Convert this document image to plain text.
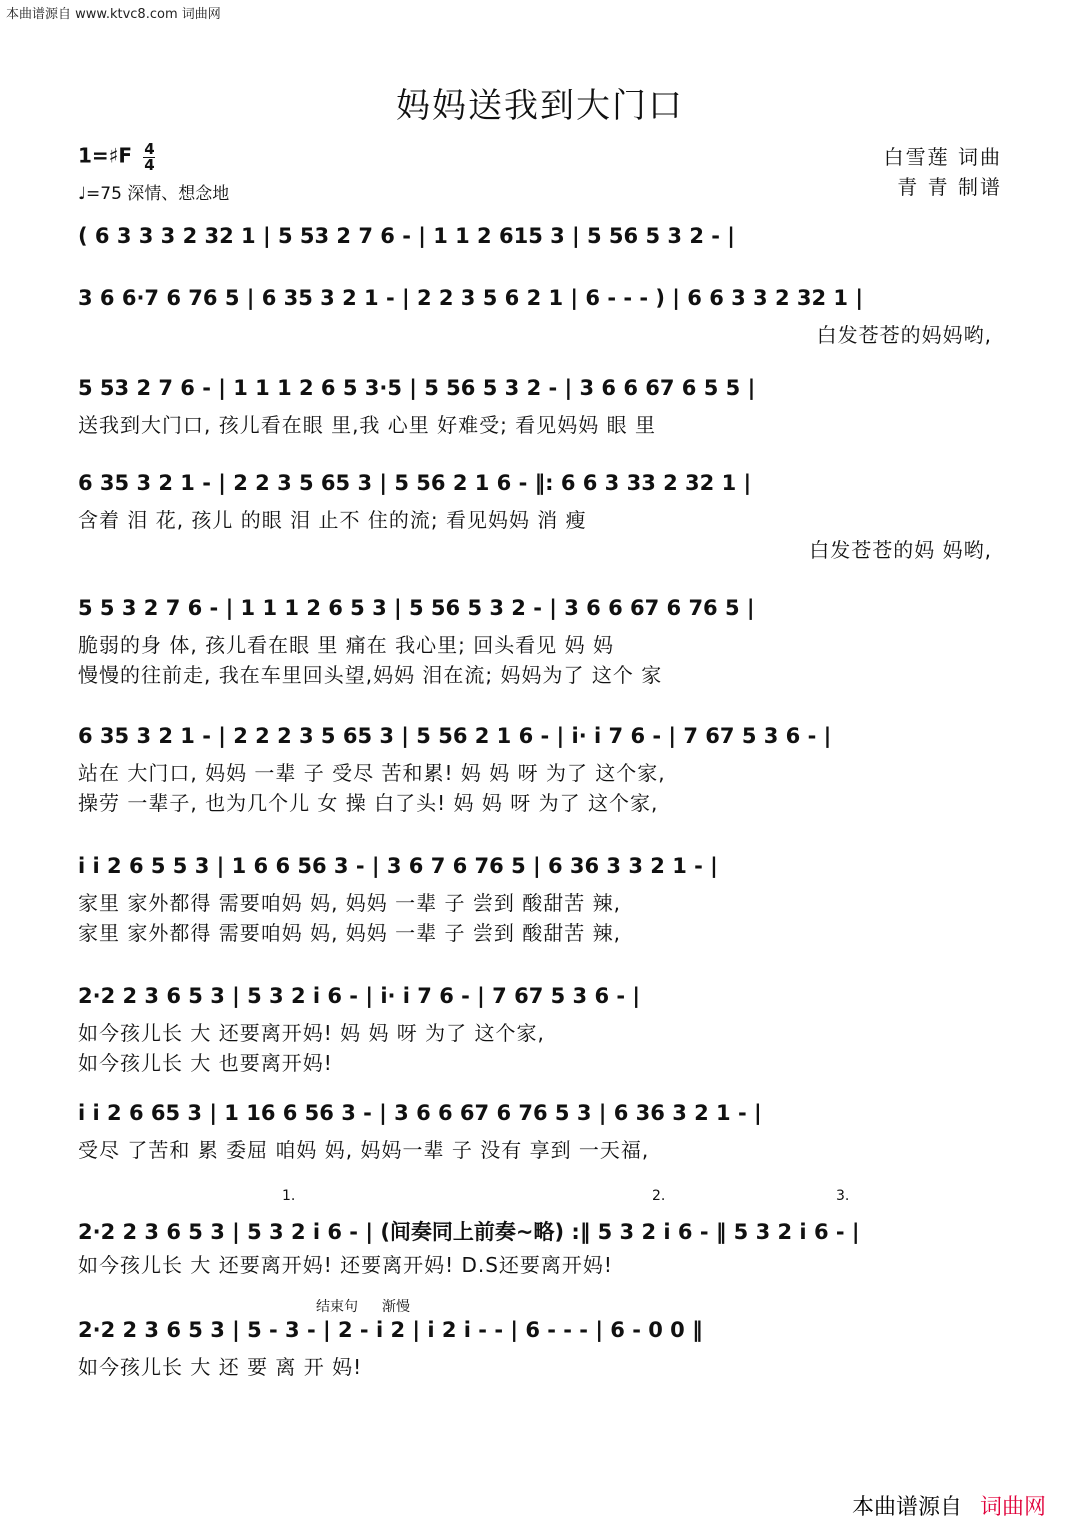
本曲谱源自 www.ktvc8.com 词曲网
妈妈送我到大门口
1=♯F $\frac{4}{4}$
♩=75 深情、想念地
白雪莲 词曲
青 青 制谱
( 6 3 3 3 2 32 1 | 5 53 2 7 6 - | 1 1 2 615 3 | 5 56 5 3 2 - |
3 6 6·7 6 76 5 | 6 35 3 2 1 - | 2 2 3 5 6 2 1 | 6 - - - ) | 6 6 3 3 2 32 1 |
白发苍苍的妈妈哟,
5 53 2 7 6 - | 1 1 1 2 6 5 3·5 | 5 56 5 3 2 - | 3 6 6 67 6 5 5 |
送我到大门口, 孩儿看在眼 里,我 心里 好难受; 看见妈妈 眼 里
6 35 3 2 1 - | 2 2 3 5 65 3 | 5 56 2 1 6 - ‖: 6 6 3 33 2 32 1 |
含着 泪 花, 孩儿 的眼 泪 止不 住的流; 看见妈妈 消 瘦
白发苍苍的妈 妈哟,
5 5 3 2 7 6 - | 1 1 1 2 6 5 3 | 5 56 5 3 2 - | 3 6 6 67 6 76 5 |
脆弱的身 体, 孩儿看在眼 里 痛在 我心里; 回头看见 妈 妈
慢慢的往前走, 我在车里回头望,妈妈 泪在流; 妈妈为了 这个 家
6 35 3 2 1 - | 2 2 2 3 5 65 3 | 5 56 2 1 6 - | i· i 7 6 - | 7 67 5 3 6 - |
站在 大门口, 妈妈 一辈 子 受尽 苦和累! 妈 妈 呀 为了 这个家,
操劳 一辈子, 也为几个儿 女 操 白了头! 妈 妈 呀 为了 这个家,
i i 2 6 5 5 3 | 1 6 6 56 3 - | 3 6 7 6 76 5 | 6 36 3 3 2 1 - |
家里 家外都得 需要咱妈 妈, 妈妈 一辈 子 尝到 酸甜苦 辣,
家里 家外都得 需要咱妈 妈, 妈妈 一辈 子 尝到 酸甜苦 辣,
2·2 2 3 6 5 3 | 5 3 2 i 6 - | i· i 7 6 - | 7 67 5 3 6 - |
如今孩儿长 大 还要离开妈! 妈 妈 呀 为了 这个家,
如今孩儿长 大 也要离开妈!
i i 2 6 65 3 | 1 16 6 56 3 - | 3 6 6 67 6 76 5 3 | 6 36 3 2 1 - |
受尽 了苦和 累 委屈 咱妈 妈, 妈妈一辈 子 没有 享到 一天福,
2·2 2 3 6 5 3 | 5 3 2 i 6 - | (间奏同上前奏~略) :‖ 5 3 2 i 6 - ‖ 5 3 2 i 6 - |
如今孩儿长 大 还要离开妈! 还要离开妈! D.S还要离开妈!
2·2 2 3 6 5 3 | 5 - 3 - | 2 - i 2 | i 2 i - - | 6 - - - | 6 - 0 0 ‖
如今孩儿长 大 还 要 离 开 妈!
1.	2.	3.
结束句 渐慢
本曲谱源自 词曲网
